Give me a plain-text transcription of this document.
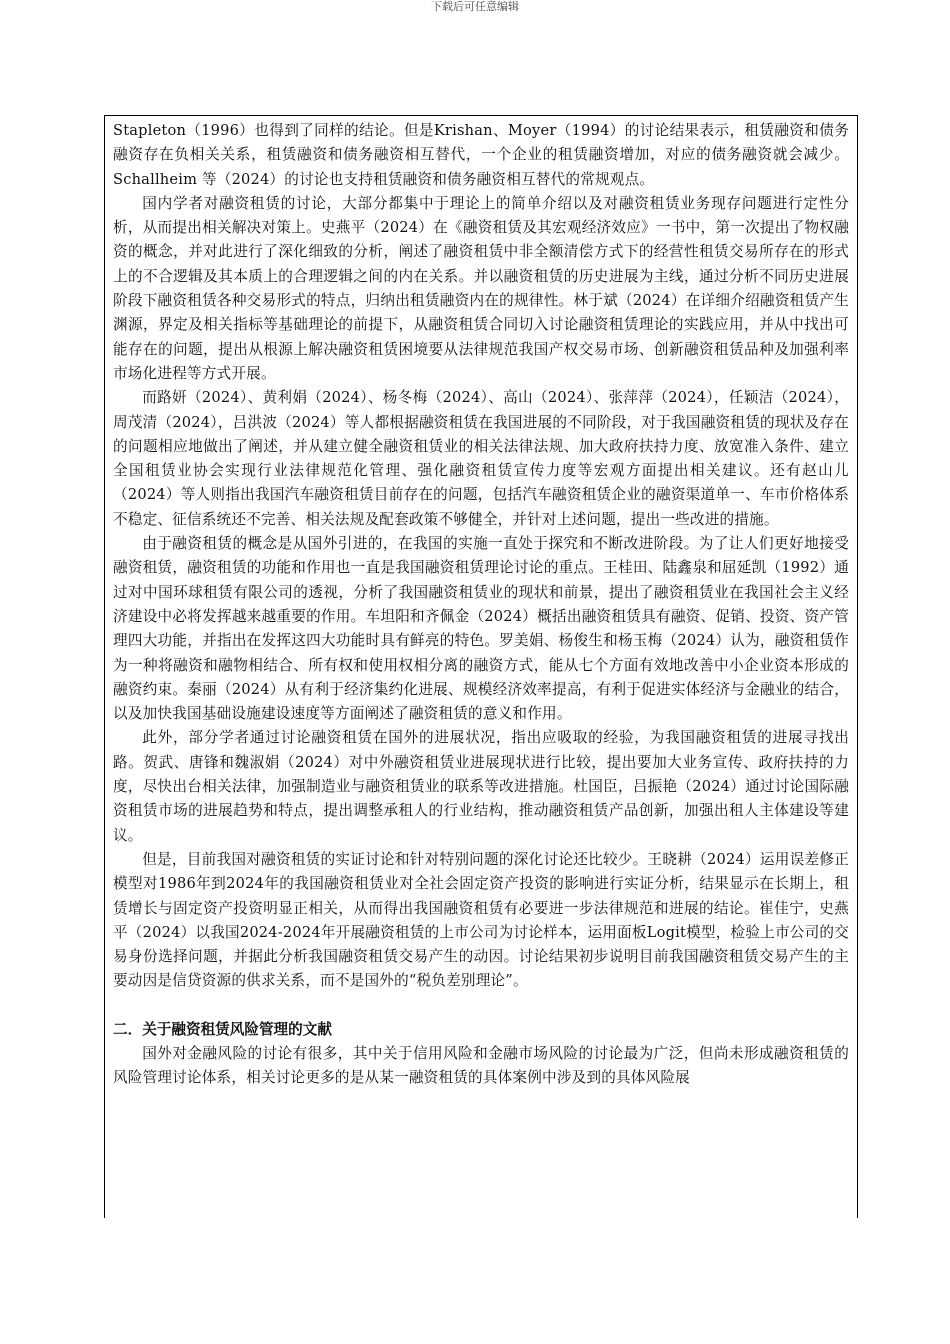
下载后可任意编辑

Stapleton（1996）也得到了同样的结论。但是Krishan、Moyer（1994）的讨论结果表示，租赁融资和债务融资存在负相关关系，租赁融资和债务融资相互替代，一个企业的租赁融资增加，对应的债务融资就会减少。Schallheim 等（2024）的讨论也支持租赁融资和债务融资相互替代的常规观点。

国内学者对融资租赁的讨论，大部分都集中于理论上的简单介绍以及对融资租赁业务现存问题进行定性分析，从而提出相关解决对策上。史燕平（2024）在《融资租赁及其宏观经济效应》一书中，第一次提出了物权融资的概念，并对此进行了深化细致的分析，阐述了融资租赁中非全额清偿方式下的经营性租赁交易所存在的形式上的不合逻辑及其本质上的合理逻辑之间的内在关系。并以融资租赁的历史进展为主线，通过分析不同历史进展阶段下融资租赁各种交易形式的特点，归纳出租赁融资内在的规律性。林于斌（2024）在详细介绍融资租赁产生渊源，界定及相关指标等基础理论的前提下，从融资租赁合同切入讨论融资租赁理论的实践应用，并从中找出可能存在的问题，提出从根源上解决融资租赁困境要从法律规范我国产权交易市场、创新融资租赁品种及加强利率市场化进程等方式开展。

而路妍（2024）、黄利娟（2024）、杨冬梅（2024）、高山（2024）、张萍萍（2024），任颖洁（2024），周茂清（2024），吕洪波（2024）等人都根据融资租赁在我国进展的不同阶段，对于我国融资租赁的现状及存在的问题相应地做出了阐述，并从建立健全融资租赁业的相关法律法规、加大政府扶持力度、放宽准入条件、建立全国租赁业协会实现行业法律规范化管理、强化融资租赁宣传力度等宏观方面提出相关建议。还有赵山儿（2024）等人则指出我国汽车融资租赁目前存在的问题，包括汽车融资租赁企业的融资渠道单一、车市价格体系不稳定、征信系统还不完善、相关法规及配套政策不够健全，并针对上述问题，提出一些改进的措施。

由于融资租赁的概念是从国外引进的，在我国的实施一直处于探究和不断改进阶段。为了让人们更好地接受融资租赁，融资租赁的功能和作用也一直是我国融资租赁理论讨论的重点。王桂田、陆鑫泉和屈延凯（1992）通过对中国环球租赁有限公司的透视，分析了我国融资租赁业的现状和前景，提出了融资租赁业在我国社会主义经济建设中必将发挥越来越重要的作用。车坦阳和齐佩金（2024）概括出融资租赁具有融资、促销、投资、资产管理四大功能，并指出在发挥这四大功能时具有鲜亮的特色。罗美娟、杨俊生和杨玉梅（2024）认为，融资租赁作为一种将融资和融物相结合、所有权和使用权相分离的融资方式，能从七个方面有效地改善中小企业资本形成的融资约束。秦丽（2024）从有利于经济集约化进展、规模经济效率提高，有利于促进实体经济与金融业的结合，以及加快我国基础设施建设速度等方面阐述了融资租赁的意义和作用。

此外，部分学者通过讨论融资租赁在国外的进展状况，指出应吸取的经验，为我国融资租赁的进展寻找出路。贺武、唐锋和魏淑娟（2024）对中外融资租赁业进展现状进行比较，提出要加大业务宣传、政府扶持的力度，尽快出台相关法律，加强制造业与融资租赁业的联系等改进措施。杜国臣，吕振艳（2024）通过讨论国际融资租赁市场的进展趋势和特点，提出调整承租人的行业结构，推动融资租赁产品创新，加强出租人主体建设等建议。

但是，目前我国对融资租赁的实证讨论和针对特别问题的深化讨论还比较少。王晓耕（2024）运用误差修正模型对1986年到2024年的我国融资租赁业对全社会固定资产投资的影响进行实证分析，结果显示在长期上，租赁增长与固定资产投资明显正相关，从而得出我国融资租赁有必要进一步法律规范和进展的结论。崔佳宁，史燕平（2024）以我国2024-2024年开展融资租赁的上市公司为讨论样本，运用面板Logit模型，检验上市公司的交易身份选择问题，并据此分析我国融资租赁交易产生的动因。讨论结果初步说明目前我国融资租赁交易产生的主要动因是信贷资源的供求关系，而不是国外的“税负差别理论”。

二．关于融资租赁风险管理的文献

国外对金融风险的讨论有很多，其中关于信用风险和金融市场风险的讨论最为广泛，但尚未形成融资租赁的风险管理讨论体系，相关讨论更多的是从某一融资租赁的具体案例中涉及到的具体风险展
